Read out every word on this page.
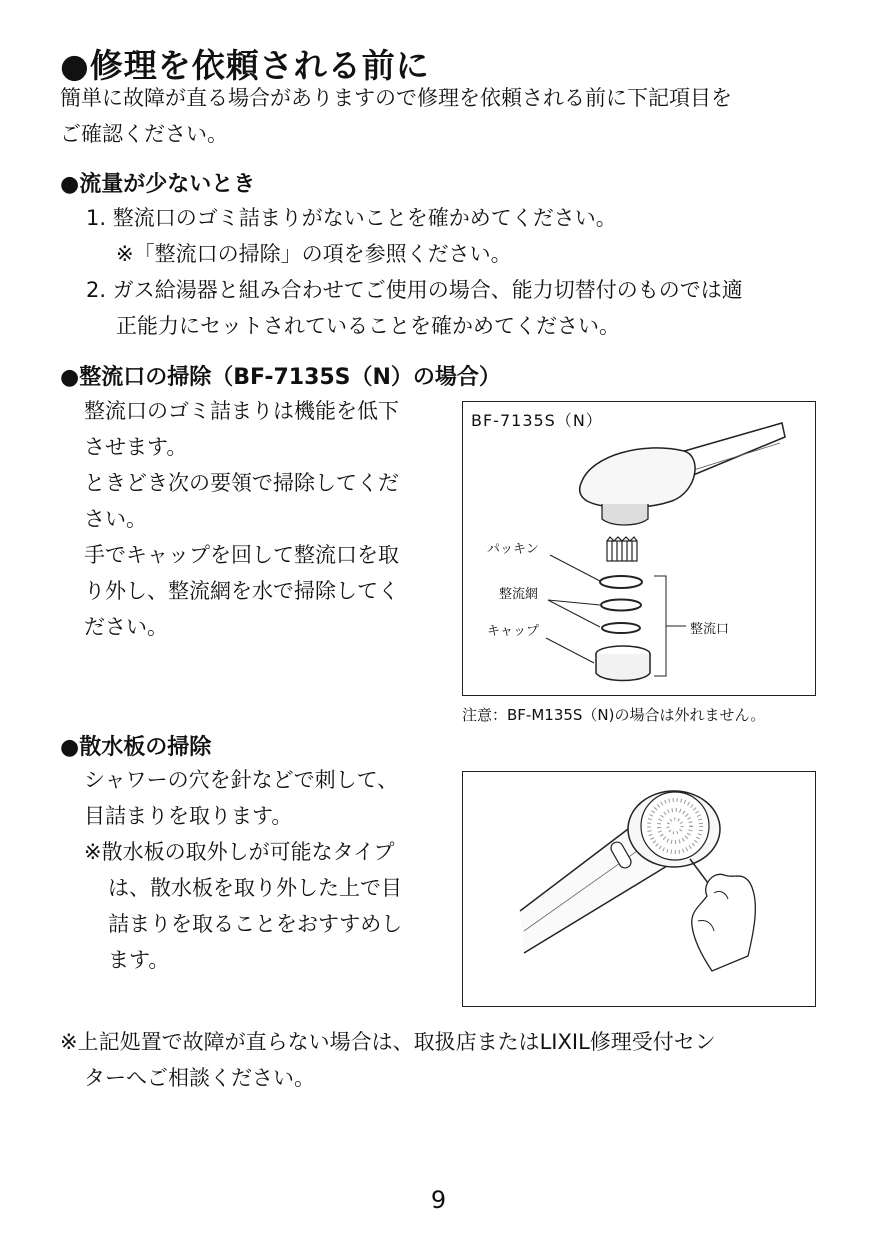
●修理を依頼される前に
簡単に故障が直る場合がありますので修理を依頼される前に下記項目を
ご確認ください。
●流量が少ないとき
1. 整流口のゴミ詰まりがないことを確かめてください。
※「整流口の掃除」の項を参照ください。
2. ガス給湯器と組み合わせてご使用の場合、能力切替付のものでは適
正能力にセットされていることを確かめてください。
●整流口の掃除（BF-7135S（N）の場合）
整流口のゴミ詰まりは機能を低下
させます。
ときどき次の要領で掃除してくだ
さい。
手でキャップを回して整流口を取
り外し、整流網を水で掃除してく
ださい。
BF-7135S（N）
パッキン
整流網
キャップ	整流口
注意：BF-M135S（N)の場合は外れません。
●散水板の掃除
シャワーの穴を針などで刺して、
目詰まりを取ります。
※散水板の取外しが可能なタイプ
は、散水板を取り外した上で目
詰まりを取ることをおすすめし
ます。
※上記処置で故障が直らない場合は、取扱店またはLIXIL修理受付セン
ターへご相談ください。
9
